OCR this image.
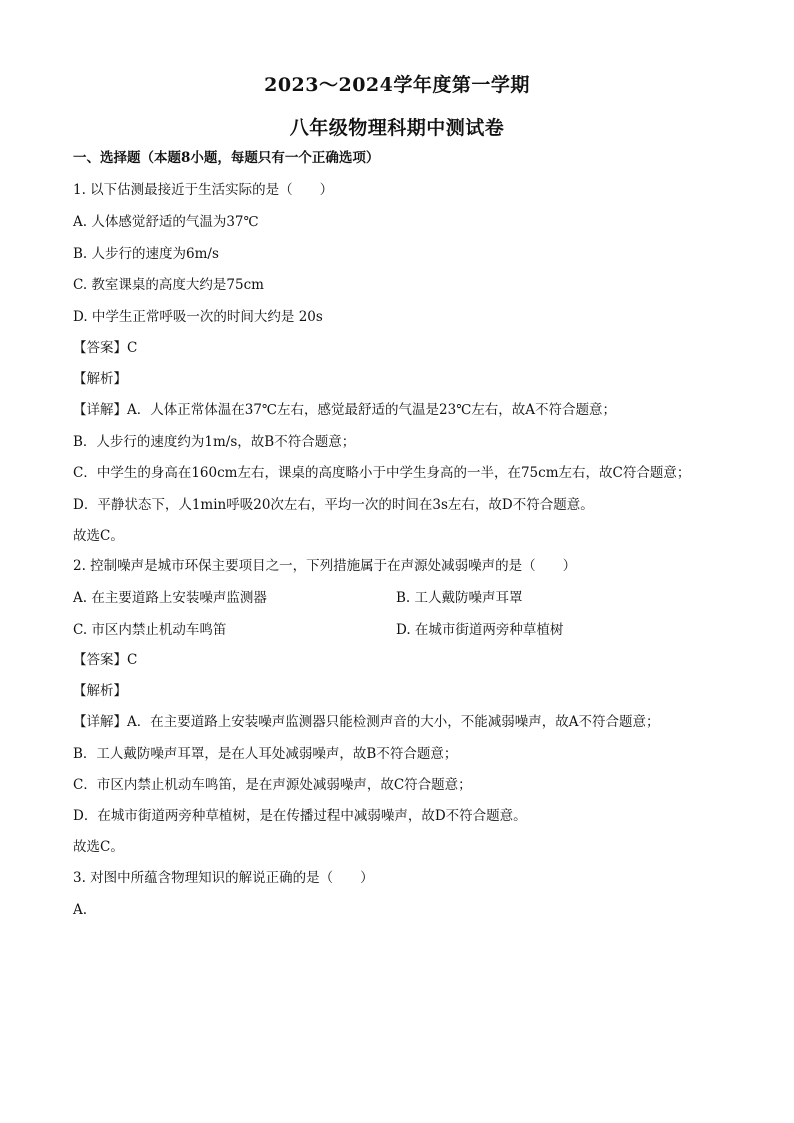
2023～2024学年度第一学期
八年级物理科期中测试卷
一、选择题（本题8小题，每题只有一个正确选项）
1. 以下估测最接近于生活实际的是（　　）
A. 人体感觉舒适的气温为37℃
B. 人步行的速度为6m/s
C. 教室课桌的高度大约是75cm
D. 中学生正常呼吸一次的时间大约是 20s
【答案】C
【解析】
【详解】A．人体正常体温在37℃左右，感觉最舒适的气温是23℃左右，故A不符合题意；
B．人步行的速度约为1m/s，故B不符合题意；
C．中学生的身高在160cm左右，课桌的高度略小于中学生身高的一半，在75cm左右，故C符合题意；
D．平静状态下，人1min呼吸20次左右，平均一次的时间在3s左右，故D不符合题意。
故选C。
2. 控制噪声是城市环保主要项目之一，下列措施属于在声源处减弱噪声的是（　　）
A. 在主要道路上安装噪声监测器	B. 工人戴防噪声耳罩
C. 市区内禁止机动车鸣笛	D. 在城市街道两旁种草植树
【答案】C
【解析】
【详解】A．在主要道路上安装噪声监测器只能检测声音的大小，不能减弱噪声，故A不符合题意；
B．工人戴防噪声耳罩，是在人耳处减弱噪声，故B不符合题意；
C．市区内禁止机动车鸣笛，是在声源处减弱噪声，故C符合题意；
D．在城市街道两旁种草植树，是在传播过程中减弱噪声，故D不符合题意。
故选C。
3. 对图中所蕴含物理知识的解说正确的是（　　）
A.
